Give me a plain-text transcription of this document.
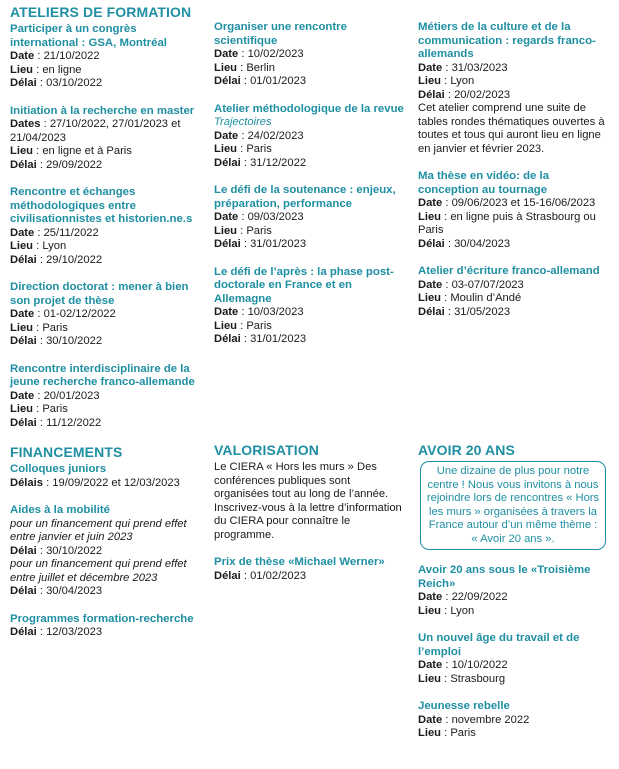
ATELIERS DE FORMATION
Participer à un congrès international : GSA, Montréal
Date : 21/10/2022
Lieu : en ligne
Délai : 03/10/2022
Initiation à la recherche en master
Dates : 27/10/2022, 27/01/2023 et 21/04/2023
Lieu : en ligne et à Paris
Délai : 29/09/2022
Rencontre et échanges méthodologiques entre civilisationnistes et historien.ne.s
Date : 25/11/2022
Lieu : Lyon
Délai : 29/10/2022
Direction doctorat : mener à bien son projet de thèse
Date : 01-02/12/2022
Lieu : Paris
Délai : 30/10/2022
Rencontre interdisciplinaire de la jeune recherche franco-allemande
Date : 20/01/2023
Lieu : Paris
Délai : 11/12/2022
FINANCEMENTS
Colloques juniors
Délais : 19/09/2022 et 12/03/2023
Aides à la mobilité
pour un financement qui prend effet entre janvier et juin 2023
Délai : 30/10/2022
pour un financement qui prend effet entre juillet et décembre 2023
Délai : 30/04/2023
Programmes formation-recherche
Délai : 12/03/2023
Organiser une rencontre scientifique
Date : 10/02/2023
Lieu : Berlin
Délai : 01/01/2023
Atelier méthodologique de la revue
Trajectoires
Date : 24/02/2023
Lieu : Paris
Délai : 31/12/2022
Le défi de la soutenance : enjeux, préparation, performance
Date : 09/03/2023
Lieu : Paris
Délai : 31/01/2023
Le défi de l’après : la phase post-doctorale en France et en Allemagne
Date : 10/03/2023
Lieu : Paris
Délai : 31/01/2023
VALORISATION
Le CIERA « Hors les murs » Des conférences publiques sont organisées tout au long de l’année. Inscrivez-vous à la lettre d’information du CIERA pour connaître le programme.
Prix de thèse «Michael Werner»
Délai : 01/02/2023
Métiers de la culture et de la communication : regards franco-allemands
Date : 31/03/2023
Lieu : Lyon
Délai : 20/02/2023
Cet atelier comprend une suite de tables rondes thématiques ouvertes à toutes et tous qui auront lieu en ligne en janvier et février 2023.
Ma thèse en vidéo: de la conception au tournage
Date : 09/06/2023 et 15-16/06/2023
Lieu : en ligne puis à Strasbourg ou Paris
Délai : 30/04/2023
Atelier d’écriture franco-allemand
Date : 03-07/07/2023
Lieu : Moulin d’Andé
Délai : 31/05/2023
AVOIR 20 ANS
Une dizaine de plus pour notre centre ! Nous vous invitons à nous rejoindre lors de rencontres « Hors les murs » organisées à travers la France autour d’un même thème : « Avoir 20 ans ».
Avoir 20 ans sous le «Troisième Reich»
Date : 22/09/2022
Lieu : Lyon
Un nouvel âge du travail et de l’emploi
Date : 10/10/2022
Lieu : Strasbourg
Jeunesse rebelle
Date : novembre 2022
Lieu : Paris
